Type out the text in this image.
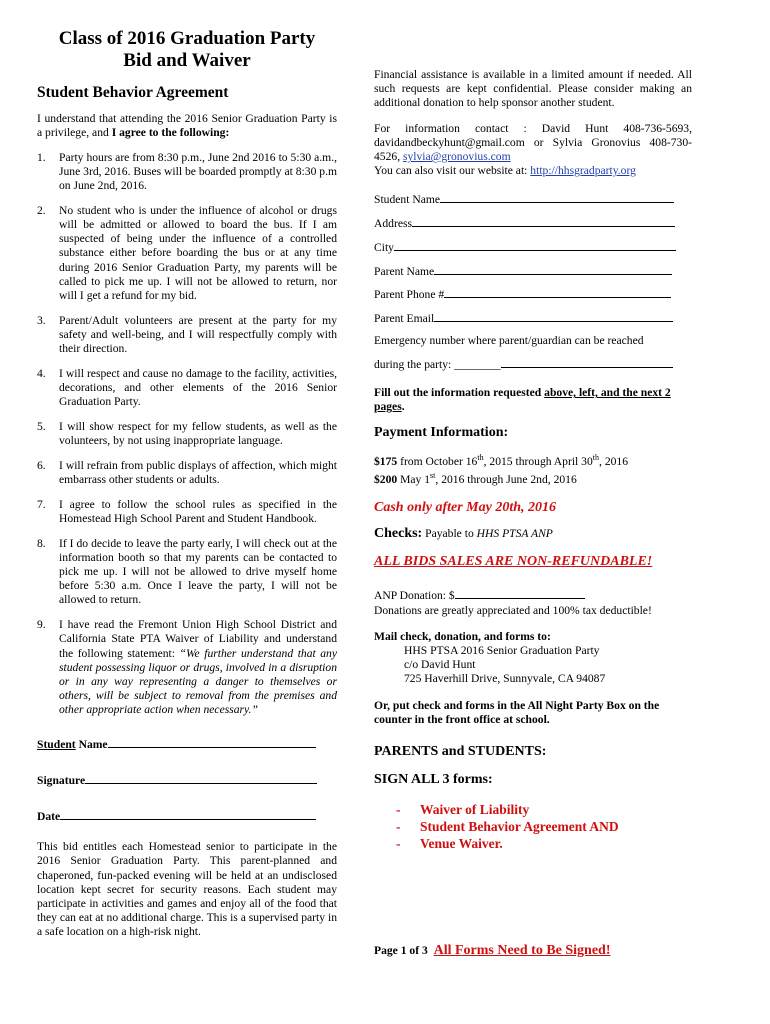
Class of 2016 Graduation Party
Bid and Waiver
Student Behavior Agreement
I understand that attending the 2016 Senior Graduation Party is a privilege, and I agree to the following:
1. Party hours are from 8:30 p.m., June 2nd 2016 to 5:30 a.m., June 3rd, 2016. Buses will be boarded promptly at 8:30 p.m on June 2nd, 2016.
2. No student who is under the influence of alcohol or drugs will be admitted or allowed to board the bus. If I am suspected of being under the influence of a controlled substance either before boarding the bus or at any time during 2016 Senior Graduation Party, my parents will be called to pick me up. I will not be allowed to return, nor will I get a refund for my bid.
3. Parent/Adult volunteers are present at the party for my safety and well-being, and I will respectfully comply with their direction.
4. I will respect and cause no damage to the facility, activities, decorations, and other elements of the 2016 Senior Graduation Party.
5. I will show respect for my fellow students, as well as the volunteers, by not using inappropriate language.
6. I will refrain from public displays of affection, which might embarrass other students or adults.
7. I agree to follow the school rules as specified in the Homestead High School Parent and Student Handbook.
8. If I do decide to leave the party early, I will check out at the information booth so that my parents can be contacted to pick me up. I will not be allowed to drive myself home before 5:30 a.m. Once I leave the party, I will not be allowed to return.
9. I have read the Fremont Union High School District and California State PTA Waiver of Liability and understand the following statement: “We further understand that any student possessing liquor or drugs, involved in a disruption or in any way representing a danger to themselves or others, will be subject to removal from the premises and other appropriate action when necessary.”
Student Name
Signature
Date
This bid entitles each Homestead senior to participate in the 2016 Senior Graduation Party. This parent-planned and chaperoned, fun-packed evening will be held at an undisclosed location kept secret for security reasons. Each student may participate in activities and games and enjoy all of the food that they can eat at no additional charge. This is a supervised party in a safe location on a high-risk night.
Financial assistance is available in a limited amount if needed. All such requests are kept confidential. Please consider making an additional donation to help sponsor another student.
For information contact : David Hunt 408-736-5693, davidandbeckyhunt@gmail.com or Sylvia Gronovius 408-730-4526, sylvia@gronovius.com
You can also visit our website at: http://hhsgradparty.org
Student Name
Address
City
Parent Name
Parent Phone #
Parent Email
Emergency number where parent/guardian can be reached
during the party: ________
Fill out the information requested above, left, and the next 2 pages.
Payment Information:
$175 from October 16th, 2015 through April 30th, 2016
$200 May 1st, 2016 through June 2nd, 2016
Cash only after May 20th, 2016
Checks: Payable to HHS PTSA ANP
ALL BIDS SALES ARE NON-REFUNDABLE!
ANP Donation: $
Donations are greatly appreciated and 100% tax deductible!
Mail check, donation, and forms to:
HHS PTSA 2016 Senior Graduation Party
c/o David Hunt
725 Haverhill Drive, Sunnyvale, CA 94087
Or, put check and forms in the All Night Party Box on the counter in the front office at school.
PARENTS and STUDENTS:
SIGN ALL 3 forms:
- Waiver of Liability
- Student Behavior Agreement AND
- Venue Waiver.
Page 1 of 3 All Forms Need to Be Signed!
